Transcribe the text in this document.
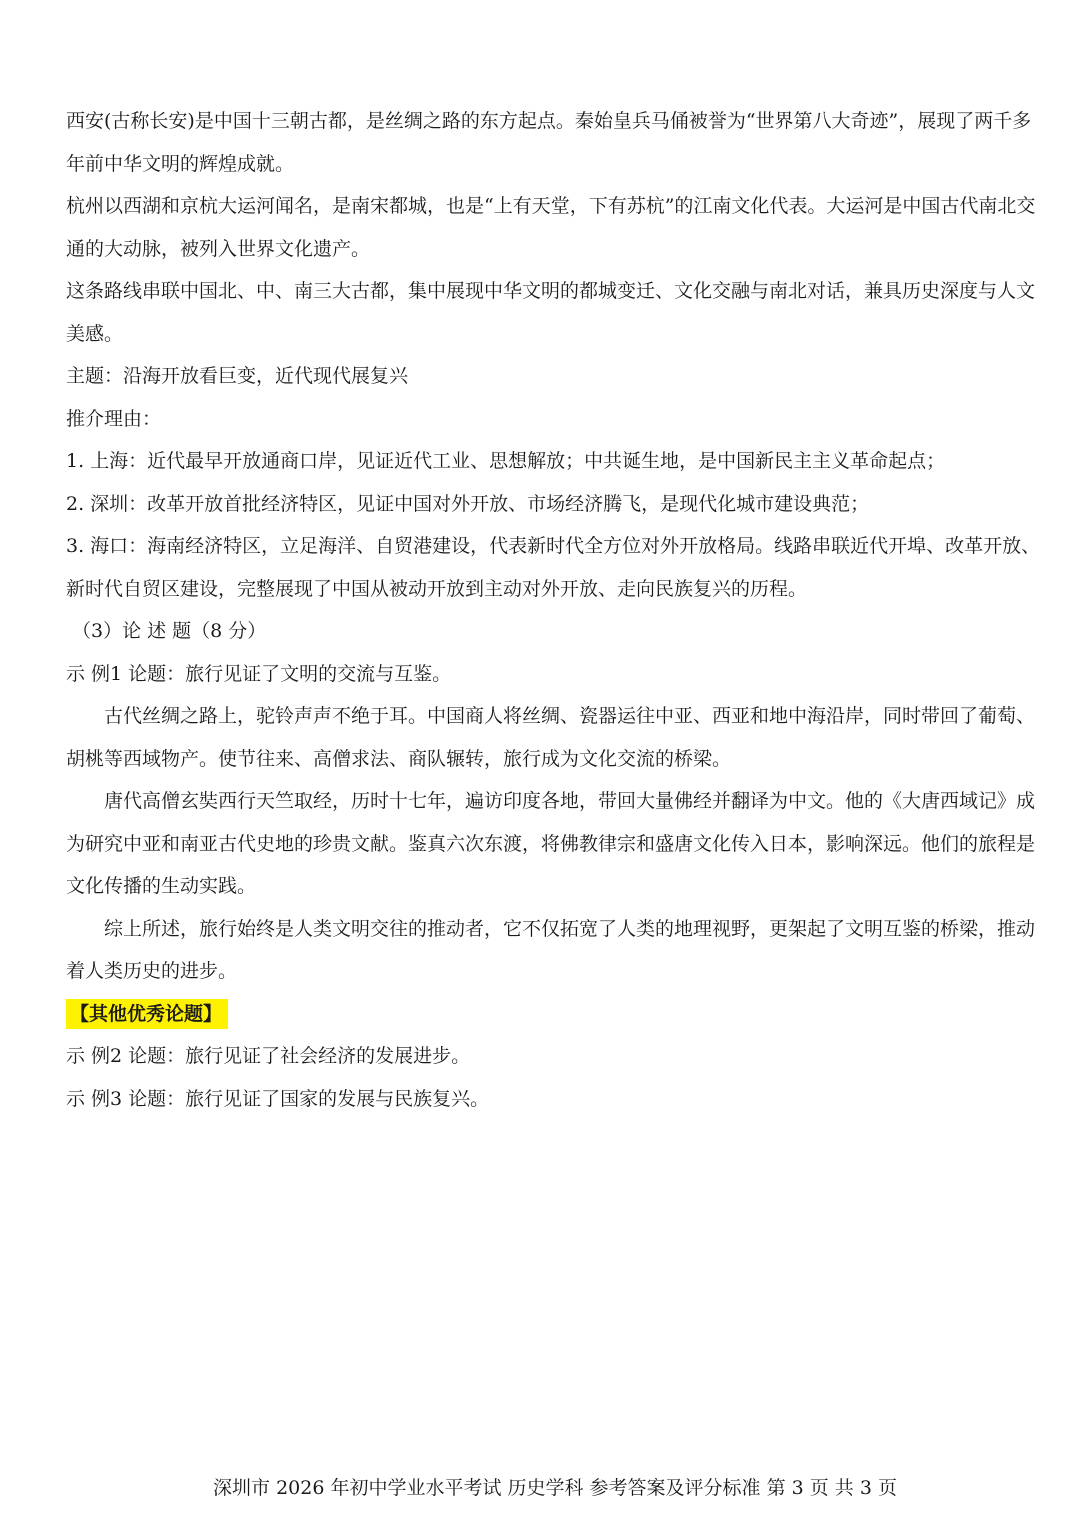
西安(古称长安)是中国十三朝古都，是丝绸之路的东方起点。秦始皇兵马俑被誉为“世界第八大奇迹”，展现了两千多年前中华文明的辉煌成就。

杭州以西湖和京杭大运河闻名，是南宋都城，也是“上有天堂，下有苏杭”的江南文化代表。大运河是中国古代南北交通的大动脉，被列入世界文化遗产。

这条路线串联中国北、中、南三大古都，集中展现中华文明的都城变迁、文化交融与南北对话，兼具历史深度与人文美感。

主题：沿海开放看巨变，近代现代展复兴

推介理由：

1. 上海：近代最早开放通商口岸，见证近代工业、思想解放；中共诞生地，是中国新民主主义革命起点；

2. 深圳：改革开放首批经济特区，见证中国对外开放、市场经济腾飞，是现代化城市建设典范；

3. 海口：海南经济特区，立足海洋、自贸港建设，代表新时代全方位对外开放格局。线路串联近代开埠、改革开放、新时代自贸区建设，完整展现了中国从被动开放到主动对外开放、走向民族复兴的历程。

（3）论 述 题（8 分）

示 例1 论题：旅行见证了文明的交流与互鉴。

古代丝绸之路上，驼铃声声不绝于耳。中国商人将丝绸、瓷器运往中亚、西亚和地中海沿岸，同时带回了葡萄、胡桃等西域物产。使节往来、高僧求法、商队辗转，旅行成为文化交流的桥梁。

唐代高僧玄奘西行天竺取经，历时十七年，遍访印度各地，带回大量佛经并翻译为中文。他的《大唐西域记》成为研究中亚和南亚古代史地的珍贵文献。鉴真六次东渡，将佛教律宗和盛唐文化传入日本，影响深远。他们的旅程是文化传播的生动实践。

综上所述，旅行始终是人类文明交往的推动者，它不仅拓宽了人类的地理视野，更架起了文明互鉴的桥梁，推动着人类历史的进步。

【其他优秀论题】

示 例2 论题：旅行见证了社会经济的发展进步。

示 例3 论题：旅行见证了国家的发展与民族复兴。

深圳市 2026 年初中学业水平考试 历史学科 参考答案及评分标准 第 3 页 共 3 页
